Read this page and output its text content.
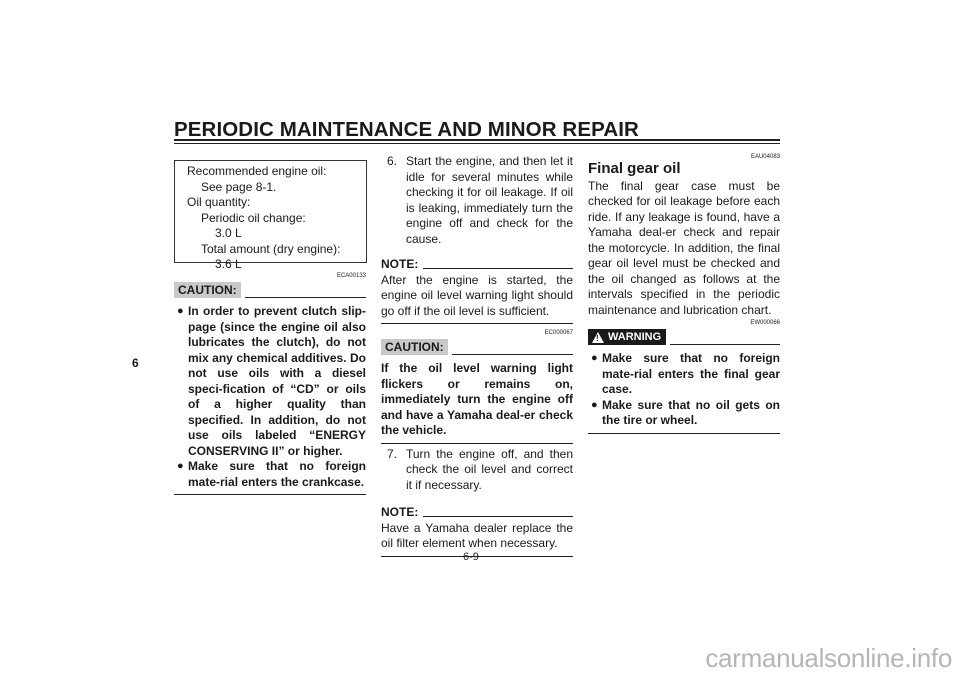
PERIODIC MAINTENANCE AND MINOR REPAIR
6
Recommended engine oil:
See page 8-1.
Oil quantity:
Periodic oil change:
3.0 L
Total amount (dry engine):
3.6 L
ECA00133
CAUTION:
● In order to prevent clutch slip-page (since the engine oil also lubricates the clutch), do not mix any chemical additives. Do not use oils with a diesel speci-fication of “CD” or oils of a higher quality than specified. In addition, do not use oils labeled “ENERGY CONSERVING II” or higher.
● Make sure that no foreign mate-rial enters the crankcase.
6. Start the engine, and then let it idle for several minutes while checking it for oil leakage. If oil is leaking, immediately turn the engine off and check for the cause.
NOTE:
After the engine is started, the engine oil level warning light should go off if the oil level is sufficient.
EC000067
CAUTION:
If the oil level warning light flickers or remains on, immediately turn the engine off and have a Yamaha deal-er check the vehicle.
7. Turn the engine off, and then check the oil level and correct it if necessary.
NOTE:
Have a Yamaha dealer replace the oil filter element when necessary.
EAU04083
Final gear oil
The final gear case must be checked for oil leakage before each ride. If any leakage is found, have a Yamaha deal-er check and repair the motorcycle. In addition, the final gear oil level must be checked and the oil changed as follows at the intervals specified in the periodic maintenance and lubrication chart.
EW000066
! WARNING
● Make sure that no foreign mate-rial enters the final gear case.
● Make sure that no oil gets on the tire or wheel.
6-9
carmanualsonline.info
